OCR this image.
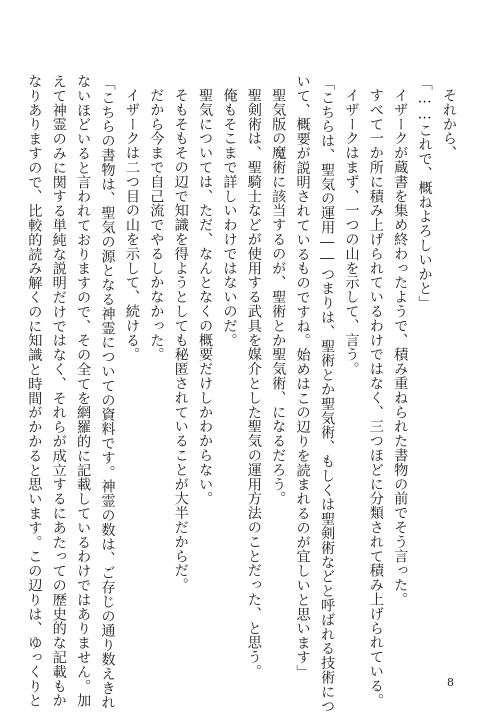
それから、

「……これで、概ねよろしいかと」

イザークが蔵書を集め終わったようで、積み重ねられた書物の前でそう言った。

すべて一か所に積み上げられているわけではなく、三つほどに分類されて積み上げられている。

イザークはまず、一つの山を示して、言う。

「こちらは、聖気の運用――つまりは、聖術とか聖気術、もしくは聖剣術などと呼ばれる技術につ

いて、概要が説明されているものですね。始めはこの辺りを読まれるのが宜しいと思います」

聖気版の魔術に該当するのが、聖術とか聖気術、になるだろう。

聖剣術は、聖騎士などが使用する武具を媒介とした聖気の運用方法のことだった、と思う。

俺もそこまで詳しいわけではないのだ。

聖気については、ただ、なんとなくの概要だけしかわからない。

そもそもその辺で知識を得ようとしても秘匿されていることが大半だからだ。

だから今まで自己流でやるしかなかった。

イザークは二つ目の山を示して、続ける。

「こちらの書物は、聖気の源となる神霊についての資料です。神霊の数は、ご存じの通り数えきれ

ないほどいると言われておりますので、その全てを網羅的に記載しているわけではありません。加

えて神霊のみに関する単純な説明だけではなく、それらが成立するにあたっての歴史的な記載もか

なりありますので、比較的読み解くのに知識と時間がかかると思います。この辺りは、ゆっくりと	8
